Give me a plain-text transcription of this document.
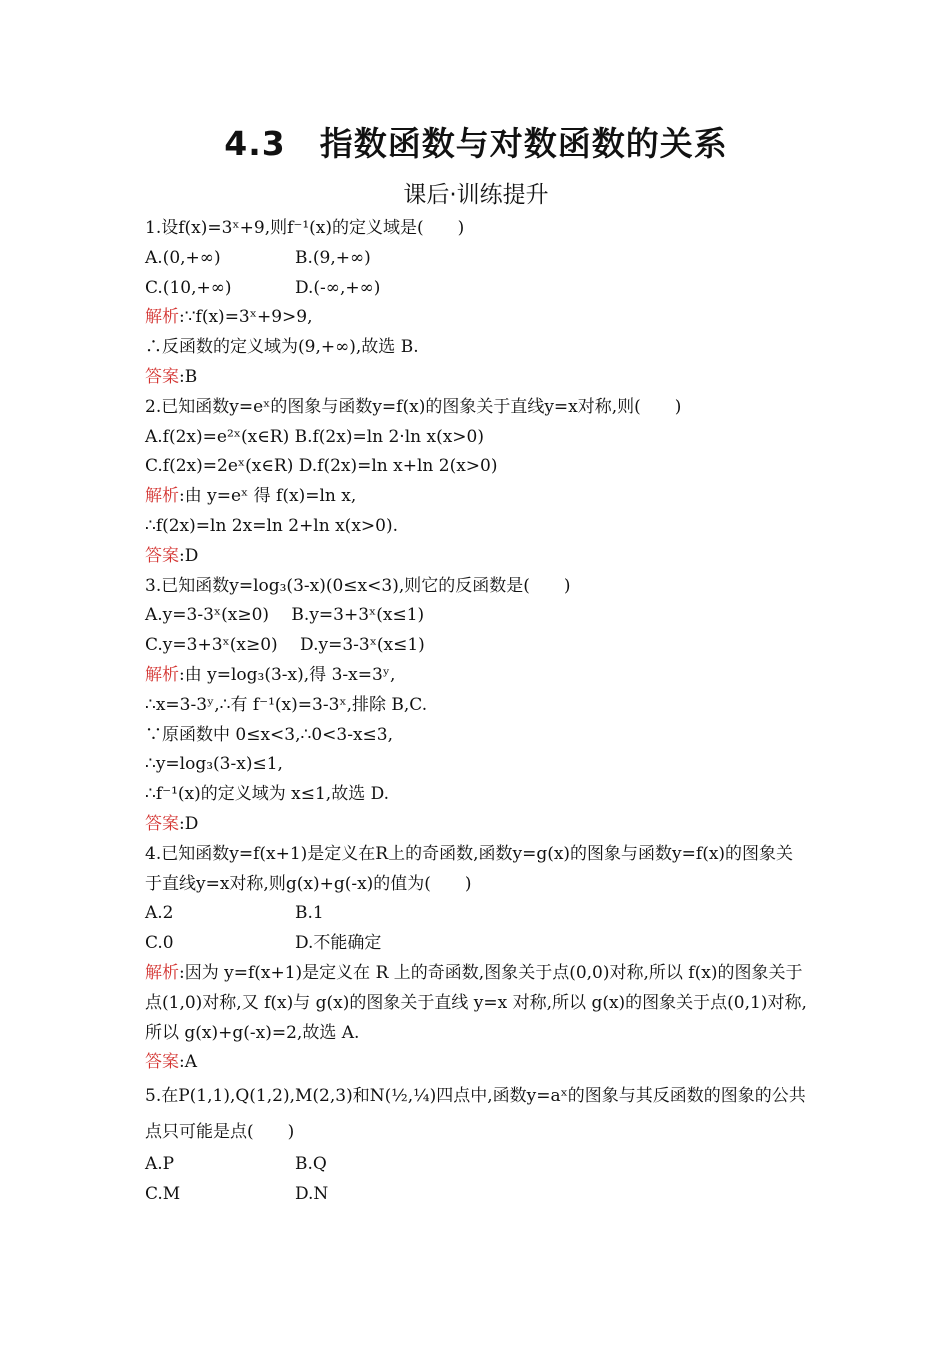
4.3　指数函数与对数函数的关系
课后·训练提升
1.设f(x)=3ˣ+9,则f⁻¹(x)的定义域是(　　)
A.(0,+∞)	B.(9,+∞)
C.(10,+∞)	D.(-∞,+∞)
解析:∵f(x)=3ˣ+9>9,
∴反函数的定义域为(9,+∞),故选 B.
答案:B
2.已知函数y=eˣ的图象与函数y=f(x)的图象关于直线y=x对称,则(　　)
A.f(2x)=e²ˣ(x∈R) B.f(2x)=ln 2·ln x(x>0)
C.f(2x)=2eˣ(x∈R) D.f(2x)=ln x+ln 2(x>0)
解析:由 y=eˣ 得 f(x)=ln x,
∴f(2x)=ln 2x=ln 2+ln x(x>0).
答案:D
3.已知函数y=log₃(3-x)(0≤x<3),则它的反函数是(　　)
A.y=3-3ˣ(x≥0)　 B.y=3+3ˣ(x≤1)
C.y=3+3ˣ(x≥0)　 D.y=3-3ˣ(x≤1)
解析:由 y=log₃(3-x),得 3-x=3ʸ,
∴x=3-3ʸ,∴有 f⁻¹(x)=3-3ˣ,排除 B,C.
∵原函数中 0≤x<3,∴0<3-x≤3,
∴y=log₃(3-x)≤1,
∴f⁻¹(x)的定义域为 x≤1,故选 D.
答案:D
4.已知函数y=f(x+1)是定义在R上的奇函数,函数y=g(x)的图象与函数y=f(x)的图象关于直线y=x对称,则g(x)+g(-x)的值为(　　)
A.2	B.1
C.0	D.不能确定
解析:因为 y=f(x+1)是定义在 R 上的奇函数,图象关于点(0,0)对称,所以 f(x)的图象关于点(1,0)对称,又 f(x)与 g(x)的图象关于直线 y=x 对称,所以 g(x)的图象关于点(0,1)对称,所以 g(x)+g(-x)=2,故选 A.
答案:A
5.在P(1,1),Q(1,2),M(2,3)和N(½,¼)四点中,函数y=aˣ的图象与其反函数的图象的公共点只可能是点(　　)
A.P	B.Q
C.M	D.N
